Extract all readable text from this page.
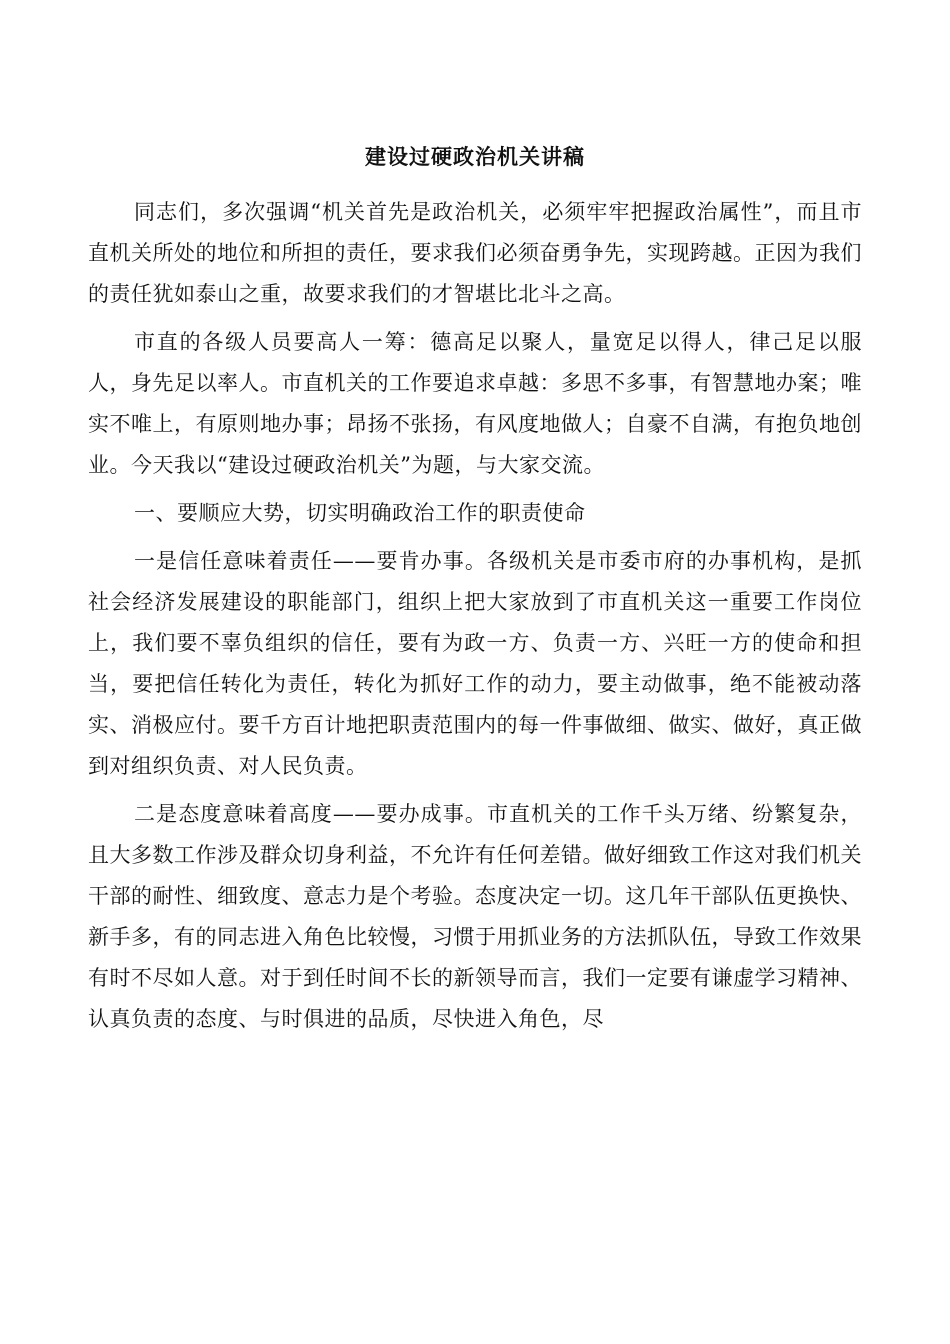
建设过硬政治机关讲稿

同志们，多次强调“机关首先是政治机关，必须牢牢把握政治属性”，而且市直机关所处的地位和所担的责任，要求我们必须奋勇争先，实现跨越。正因为我们的责任犹如泰山之重，故要求我们的才智堪比北斗之高。

市直的各级人员要高人一筹：德高足以聚人，量宽足以得人，律己足以服人，身先足以率人。市直机关的工作要追求卓越：多思不多事，有智慧地办案；唯实不唯上，有原则地办事；昂扬不张扬，有风度地做人；自豪不自满，有抱负地创业。今天我以“建设过硬政治机关”为题，与大家交流。

一、要顺应大势，切实明确政治工作的职责使命

一是信任意味着责任——要肯办事。各级机关是市委市府的办事机构，是抓社会经济发展建设的职能部门，组织上把大家放到了市直机关这一重要工作岗位上，我们要不辜负组织的信任，要有为政一方、负责一方、兴旺一方的使命和担当，要把信任转化为责任，转化为抓好工作的动力，要主动做事，绝不能被动落实、消极应付。要千方百计地把职责范围内的每一件事做细、做实、做好，真正做到对组织负责、对人民负责。

二是态度意味着高度——要办成事。市直机关的工作千头万绪、纷繁复杂，且大多数工作涉及群众切身利益，不允许有任何差错。做好细致工作这对我们机关干部的耐性、细致度、意志力是个考验。态度决定一切。这几年干部队伍更换快、新手多，有的同志进入角色比较慢，习惯于用抓业务的方法抓队伍，导致工作效果有时不尽如人意。对于到任时间不长的新领导而言，我们一定要有谦虚学习精神、认真负责的态度、与时俱进的品质，尽快进入角色，尽
